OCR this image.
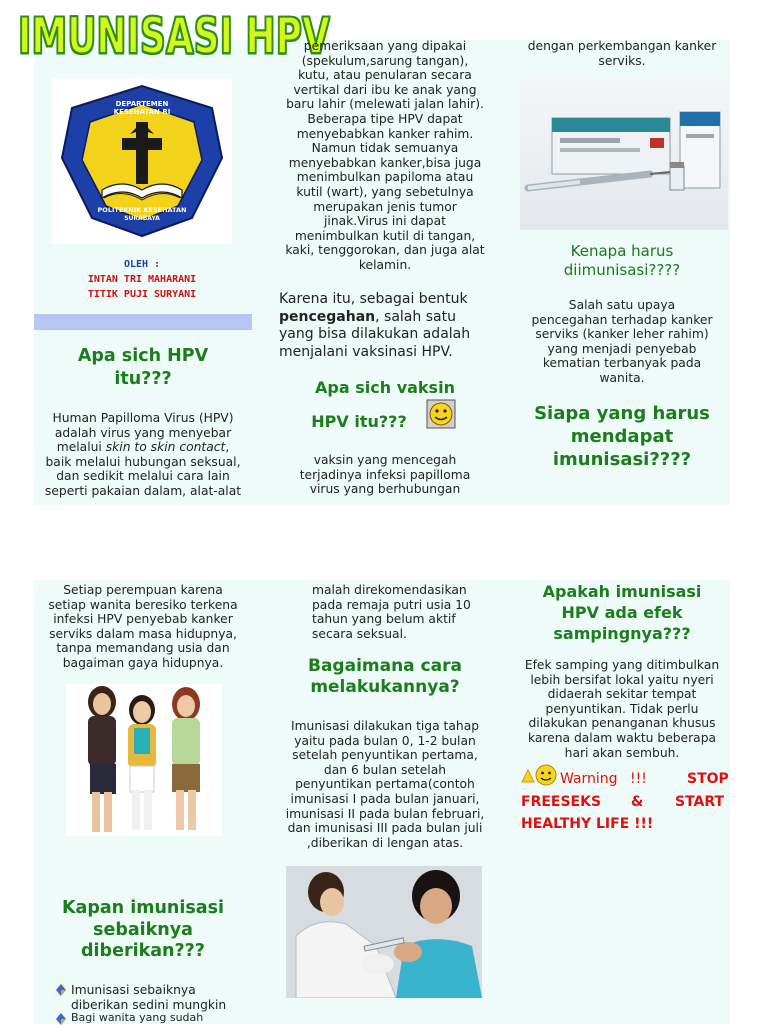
IMUNISASI HPV
DEPARTEMEN KESEHATAN RI
POLITEKNIK KESEHATAN
SURABAYA
OLEH :
INTAN TRI MAHARANI
TITIK PUJI SURYANI
Apa sich HPV
itu???
Human Papilloma Virus (HPV)
adalah virus yang menyebar
melalui skin to skin contact,
baik melalui hubungan seksual,
dan sedikit melalui cara lain
seperti pakaian dalam, alat-alat
pemeriksaan yang dipakai
(spekulum,sarung tangan),
kutu, atau penularan secara
vertikal dari ibu ke anak yang
baru lahir (melewati jalan lahir).
Beberapa tipe HPV dapat
menyebabkan kanker rahim.
Namun tidak semuanya
menyebabkan kanker,bisa juga
menimbulkan papiloma atau
kutil (wart), yang sebetulnya
merupakan jenis tumor
jinak.Virus ini dapat
menimbulkan kutil di tangan,
kaki, tenggorokan, dan juga alat
kelamin.
Karena itu, sebagai bentuk
pencegahan, salah satu
yang bisa dilakukan adalah
menjalani vaksinasi HPV.
Apa sich vaksin
HPV itu???
vaksin yang mencegah
terjadinya infeksi papilloma
virus yang berhubungan
dengan perkembangan kanker
serviks.
Kenapa harus
diimunisasi????
Salah satu upaya
pencegahan terhadap kanker
serviks (kanker leher rahim)
yang menjadi penyebab
kematian terbanyak pada
wanita.
Siapa yang harus
mendapat
imunisasi????
Setiap perempuan karena
setiap wanita beresiko terkena
infeksi HPV penyebab kanker
serviks dalam masa hidupnya,
tanpa memandang usia dan
bagaiman gaya hidupnya.
Kapan imunisasi
sebaiknya
diberikan???
Imunisasi sebaiknya
diberikan sedini mungkin
Bagi wanita yang sudah
malah direkomendasikan
pada remaja putri usia 10
tahun yang belum aktif
secara seksual.
Bagaimana cara
melakukannya?
Imunisasi dilakukan tiga tahap
yaitu pada bulan 0, 1-2 bulan
setelah penyuntikan pertama,
dan 6 bulan setelah
penyuntikan pertama(contoh
imunisasi I pada bulan januari,
imunisasi II pada bulan februari,
dan imunisasi III pada bulan juli
,diberikan di lengan atas.
Apakah imunisasi
HPV ada efek
sampingnya???
Efek samping yang ditimbulkan
lebih bersifat lokal yaitu nyeri
didaerah sekitar tempat
penyuntikan. Tidak perlu
dilakukan penanganan khusus
karena dalam waktu beberapa
hari akan sembuh.
Warning !!!	STOP
FREESEKS & START
HEALTHY LIFE !!!
